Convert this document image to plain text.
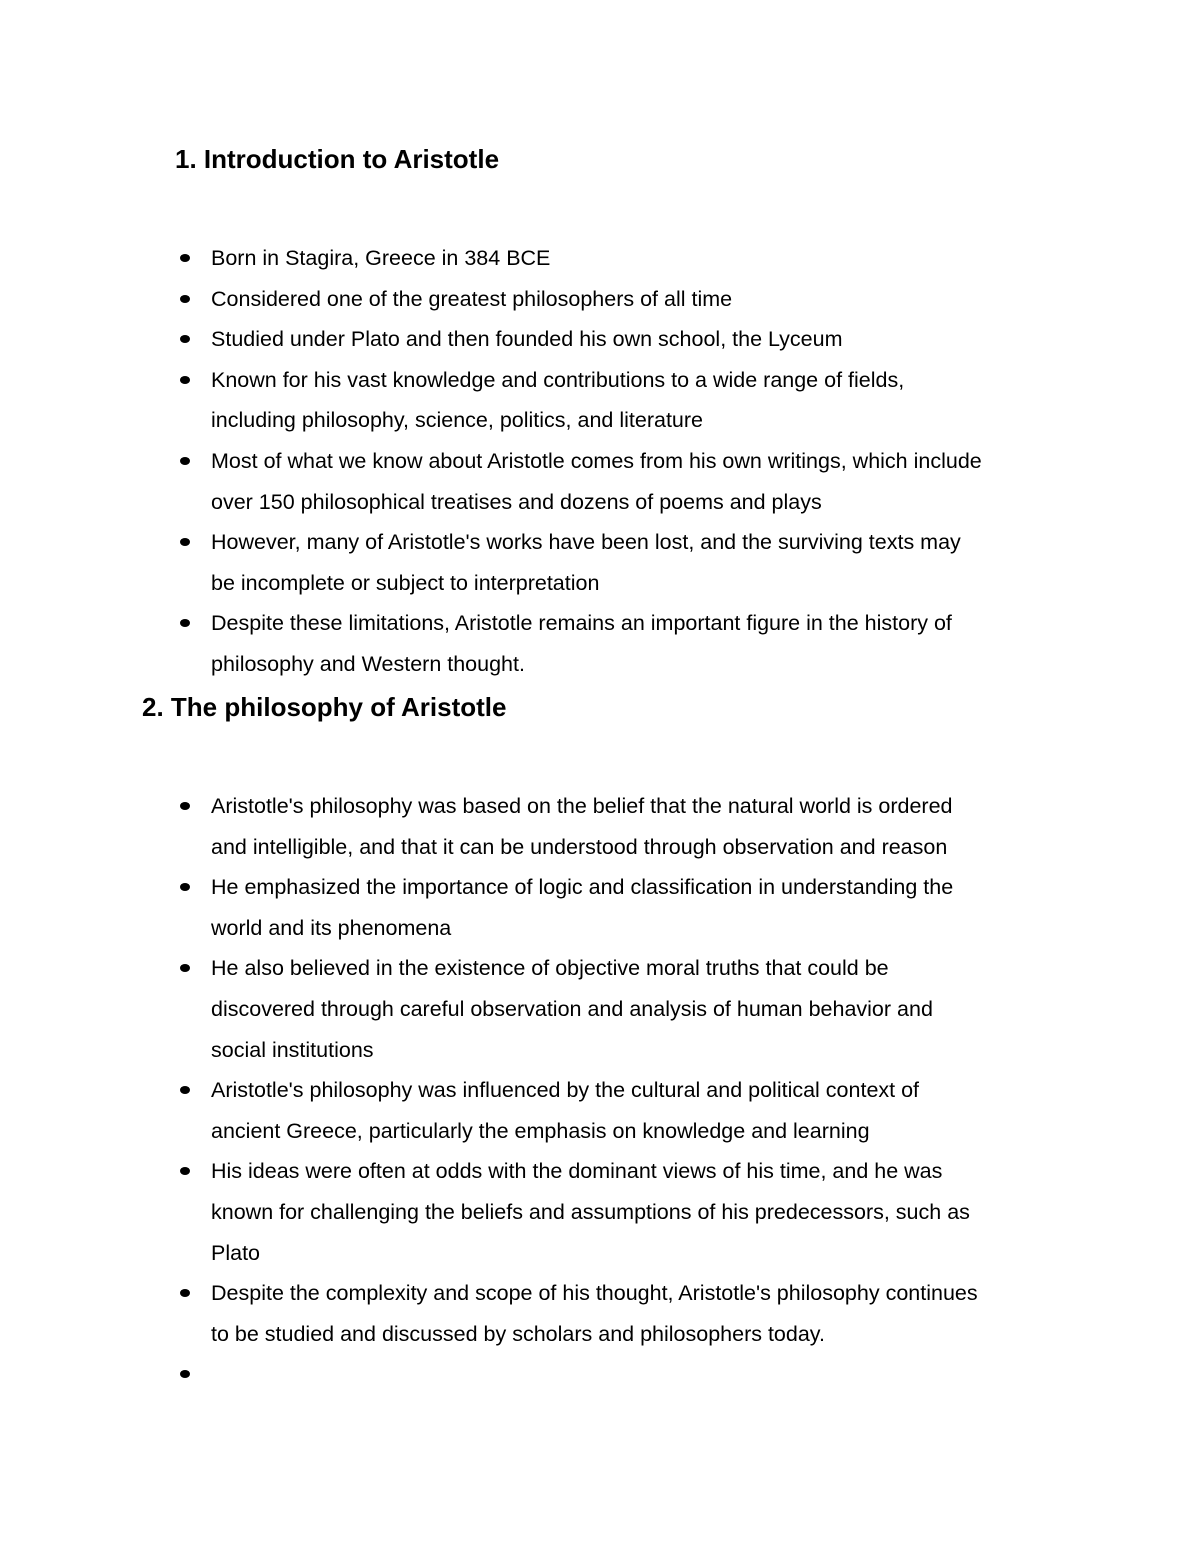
1. Introduction to Aristotle
Born in Stagira, Greece in 384 BCE
Considered one of the greatest philosophers of all time
Studied under Plato and then founded his own school, the Lyceum
Known for his vast knowledge and contributions to a wide range of fields,
including philosophy, science, politics, and literature
Most of what we know about Aristotle comes from his own writings, which include
over 150 philosophical treatises and dozens of poems and plays
However, many of Aristotle's works have been lost, and the surviving texts may
be incomplete or subject to interpretation
Despite these limitations, Aristotle remains an important figure in the history of
philosophy and Western thought.
2. The philosophy of Aristotle
Aristotle's philosophy was based on the belief that the natural world is ordered
and intelligible, and that it can be understood through observation and reason
He emphasized the importance of logic and classification in understanding the
world and its phenomena
He also believed in the existence of objective moral truths that could be
discovered through careful observation and analysis of human behavior and
social institutions
Aristotle's philosophy was influenced by the cultural and political context of
ancient Greece, particularly the emphasis on knowledge and learning
His ideas were often at odds with the dominant views of his time, and he was
known for challenging the beliefs and assumptions of his predecessors, such as
Plato
Despite the complexity and scope of his thought, Aristotle's philosophy continues
to be studied and discussed by scholars and philosophers today.
